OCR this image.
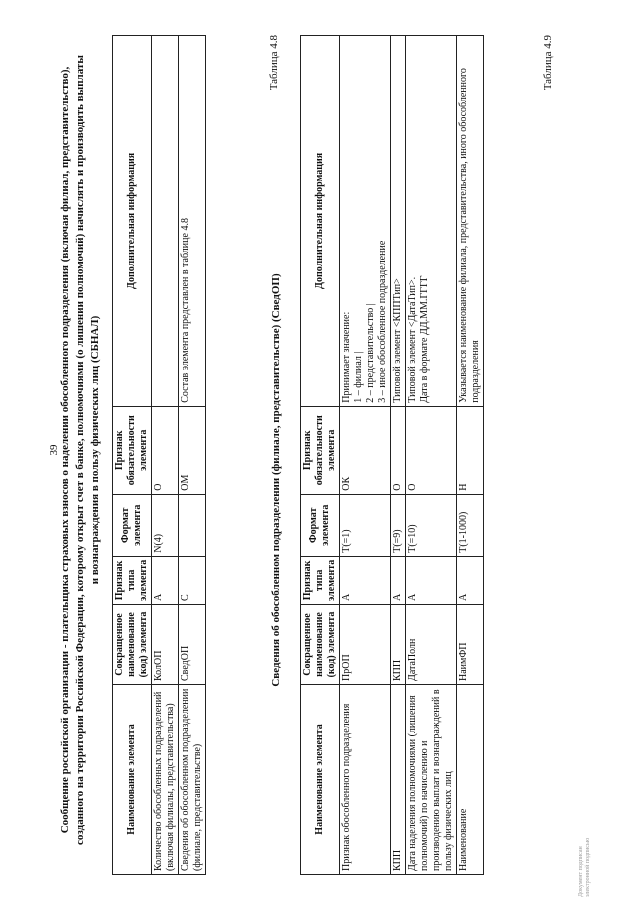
39 Сообщение российской организации - плательщика страховых взносов о наделении обособленного подразделения (включая филиал, представительство), созданного на территории Российской Федерации, которому открыт счет в банке, полномочиями (о лишении полномочий) начислять и производить выплаты и вознаграждения в пользу физических лиц (СБНАЛ)
Наименование элемента	Сокращенное наименование (код) элемента	Признак типа элемента	Формат элемента	Признак обязательности элемента	Дополнительная информация
Количество обособленных подразделений (включая филиалы, представительства)	КолОП	А	N(4)	О	
Сведения об обособленном подразделении (филиале, представительстве)	СведОП	С		ОМ	Состав элемента представлен в таблице 4.8
Таблица 4.8
Сведения об обособленном подразделении (филиале, представительстве) (СведОП)
Наименование элемента	Сокращенное наименование (код) элемента	Признак типа элемента	Формат элемента	Признак обязательности элемента	Дополнительная информация
Признак обособленного подразделения	ПрОП	А	Т(=1)	ОК	Принимает значение:
1 – филиал |
2 – представительство |
3 – иное обособленное подразделение
КПП	КПП	А	Т(=9)	О	Типовой элемент <КППТип>
Дата наделения полномочиями (лишения полномочий) по начислению и производению выплат и вознаграждений в пользу физических лиц	ДатаПолн	А	Т(=10)	О	Типовой элемент <ДатаТип>.
Дата в формате ДД.ММ.ГГГГ
Наименование	НаимФП	А	Т(1-1000)	Н	Указывается наименование филиала, представительства, иного обособленного подразделения
Таблица 4.9
Документ подписан
электронной подписью
